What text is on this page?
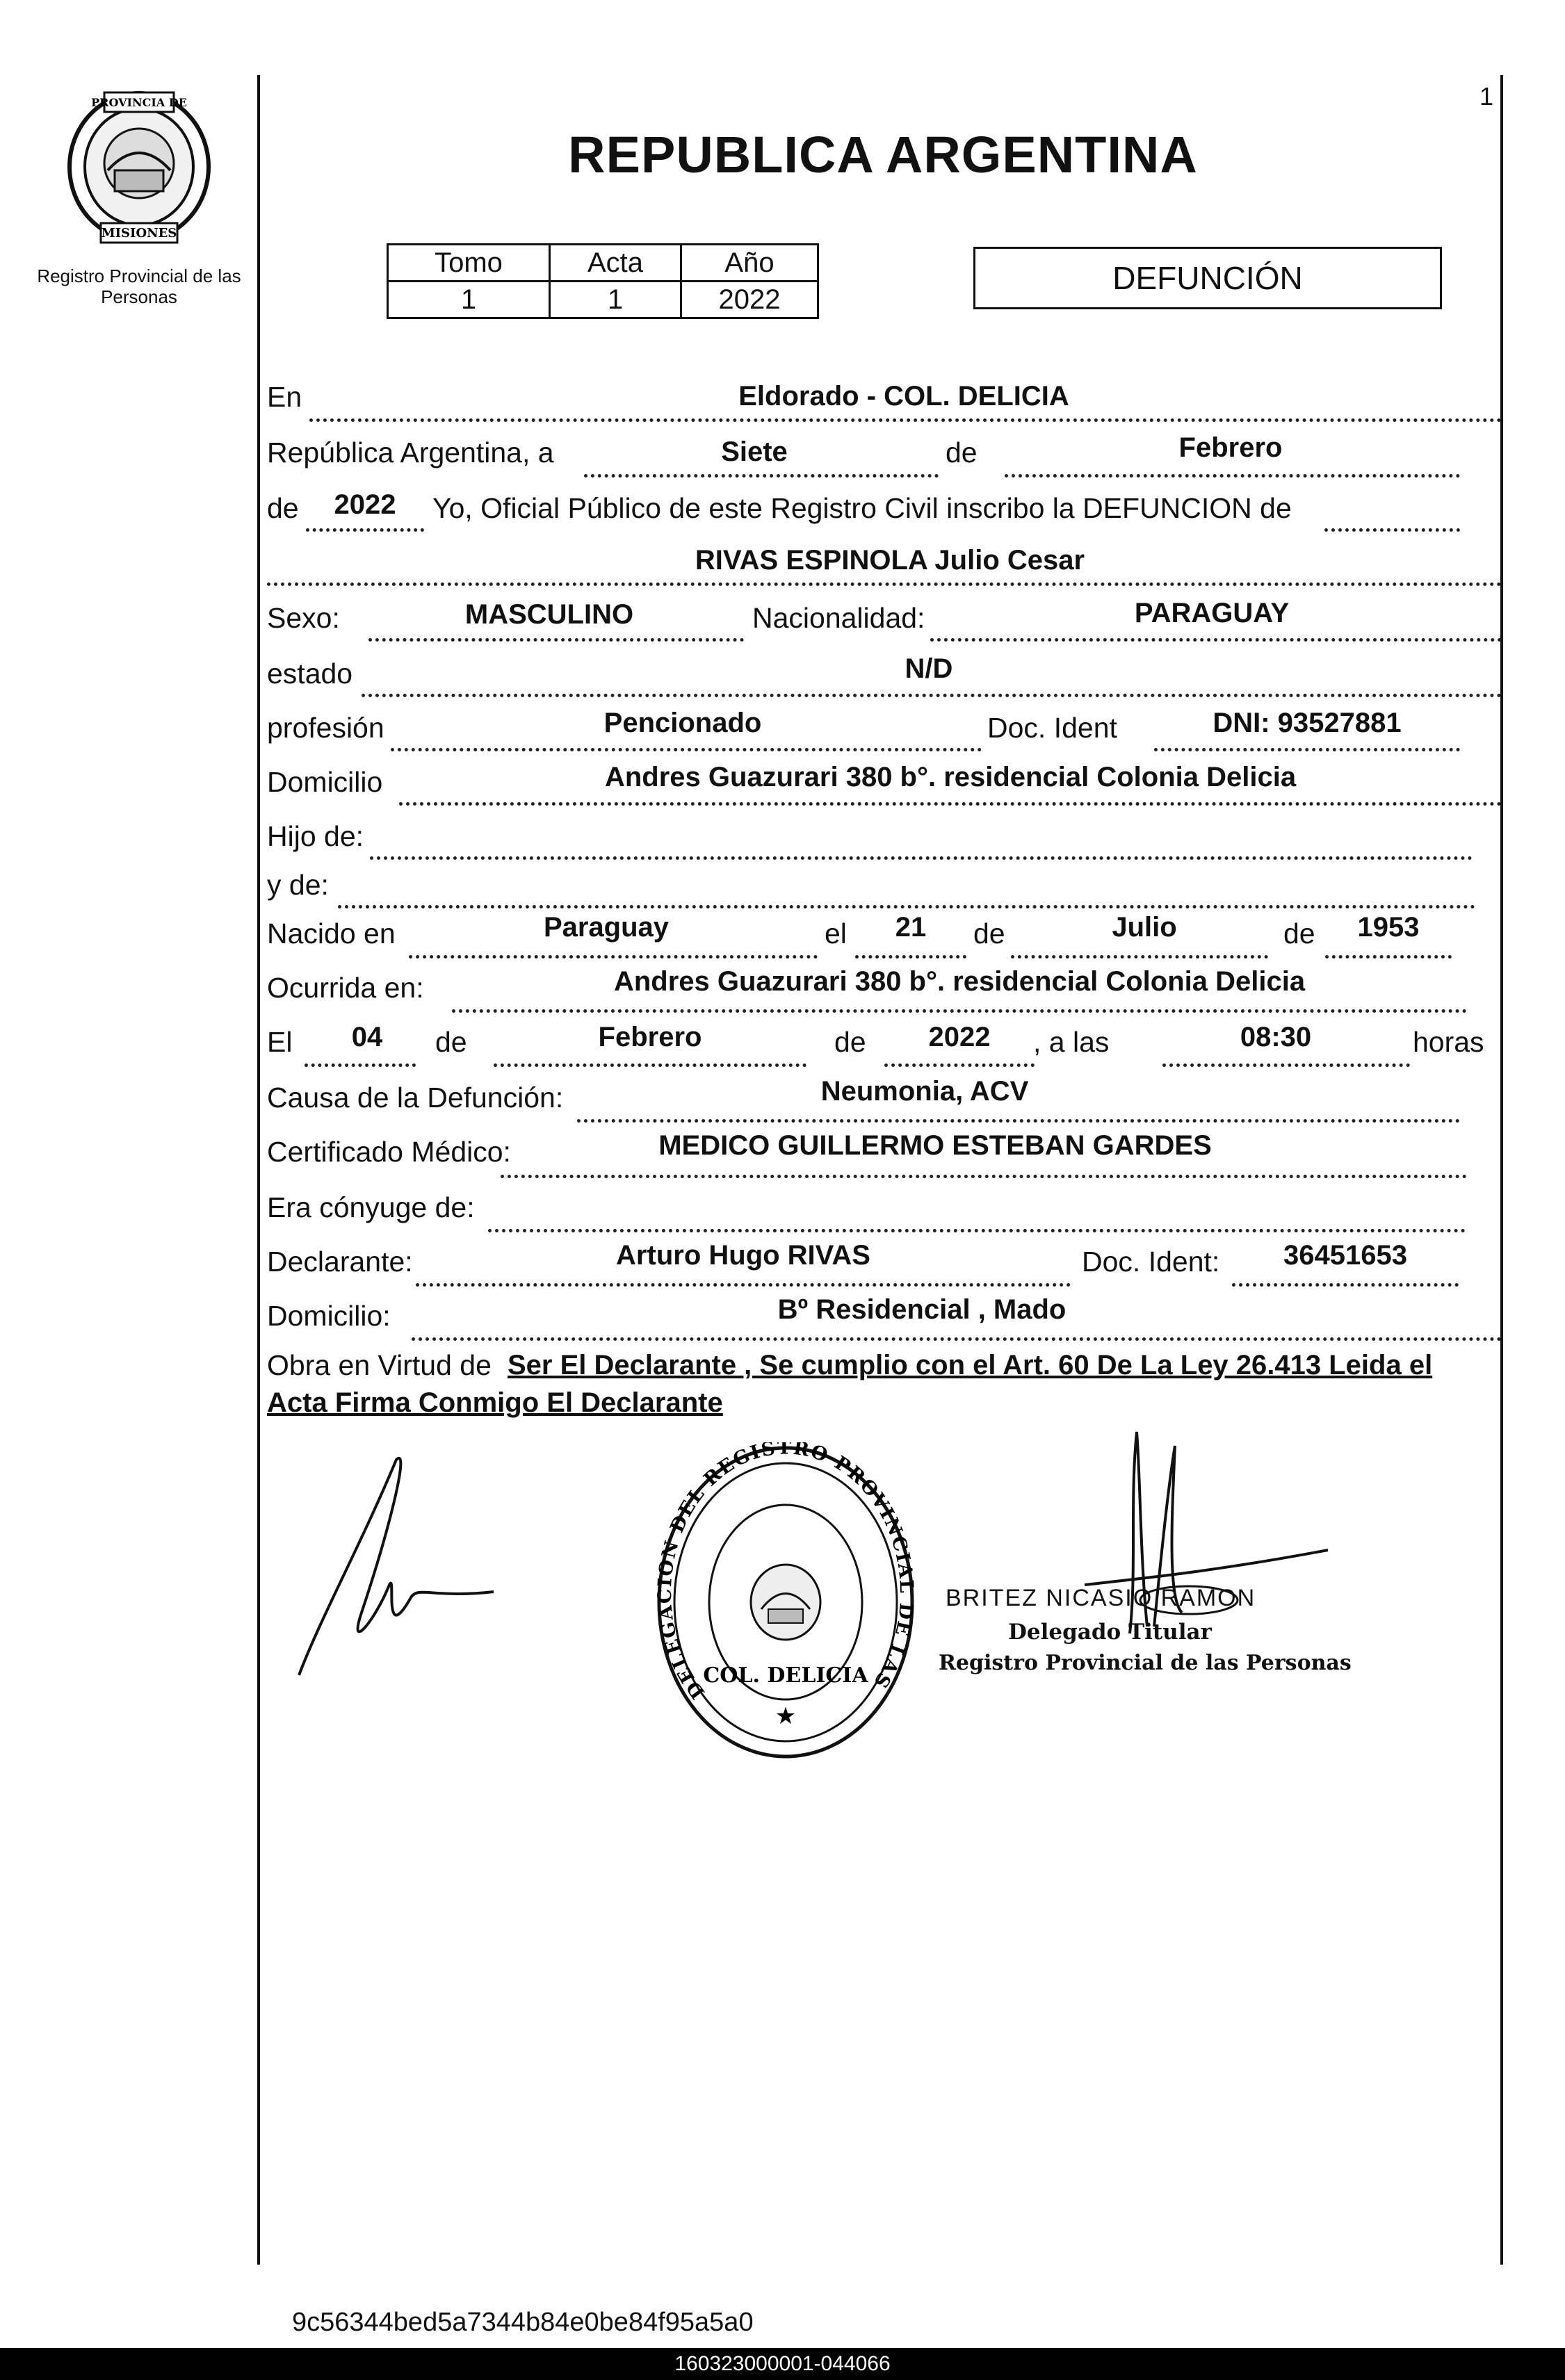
1
PROVINCIA DE
MISIONES
Registro Provincial de las Personas
REPUBLICA ARGENTINA
Tomo	Acta	Año
1	1	2022
DEFUNCIÓN
En	Eldorado - COL. DELICIA
República Argentina, a	Siete	de	Febrero
de	2022	Yo, Oficial Público de este Registro Civil inscribo la DEFUNCION de
RIVAS ESPINOLA Julio Cesar
Sexo:	MASCULINO	Nacionalidad:	PARAGUAY
estado	N/D
profesión	Pencionado	Doc. Ident	DNI: 93527881
Domicilio	Andres Guazurari 380 b°. residencial Colonia Delicia
Hijo de:
y de:
Nacido en	Paraguay	el	21	de	Julio	de	1953
Ocurrida en:	Andres Guazurari 380 b°. residencial Colonia Delicia
El	04	de	Febrero	de	2022	, a las	08:30	horas
Causa de la Defunción:	Neumonia, ACV
Certificado Médico:	MEDICO GUILLERMO ESTEBAN GARDES
Era cónyuge de:
Declarante:	Arturo Hugo RIVAS	Doc. Ident:	36451653
Domicilio:	Bº Residencial , Mado
Obra en Virtud de Ser El Declarante , Se cumplio con el Art. 60 De La Ley 26.413 Leida el
Acta Firma Conmigo El Declarante
DELEGACION DEL REGISTRO PROVINCIAL DE LAS
COL. DELICIA
★
BRITEZ NICASIO RAMON
Delegado Titular
Registro Provincial de las Personas
9c56344bed5a7344b84e0be84f95a5a0
160323000001-044066
